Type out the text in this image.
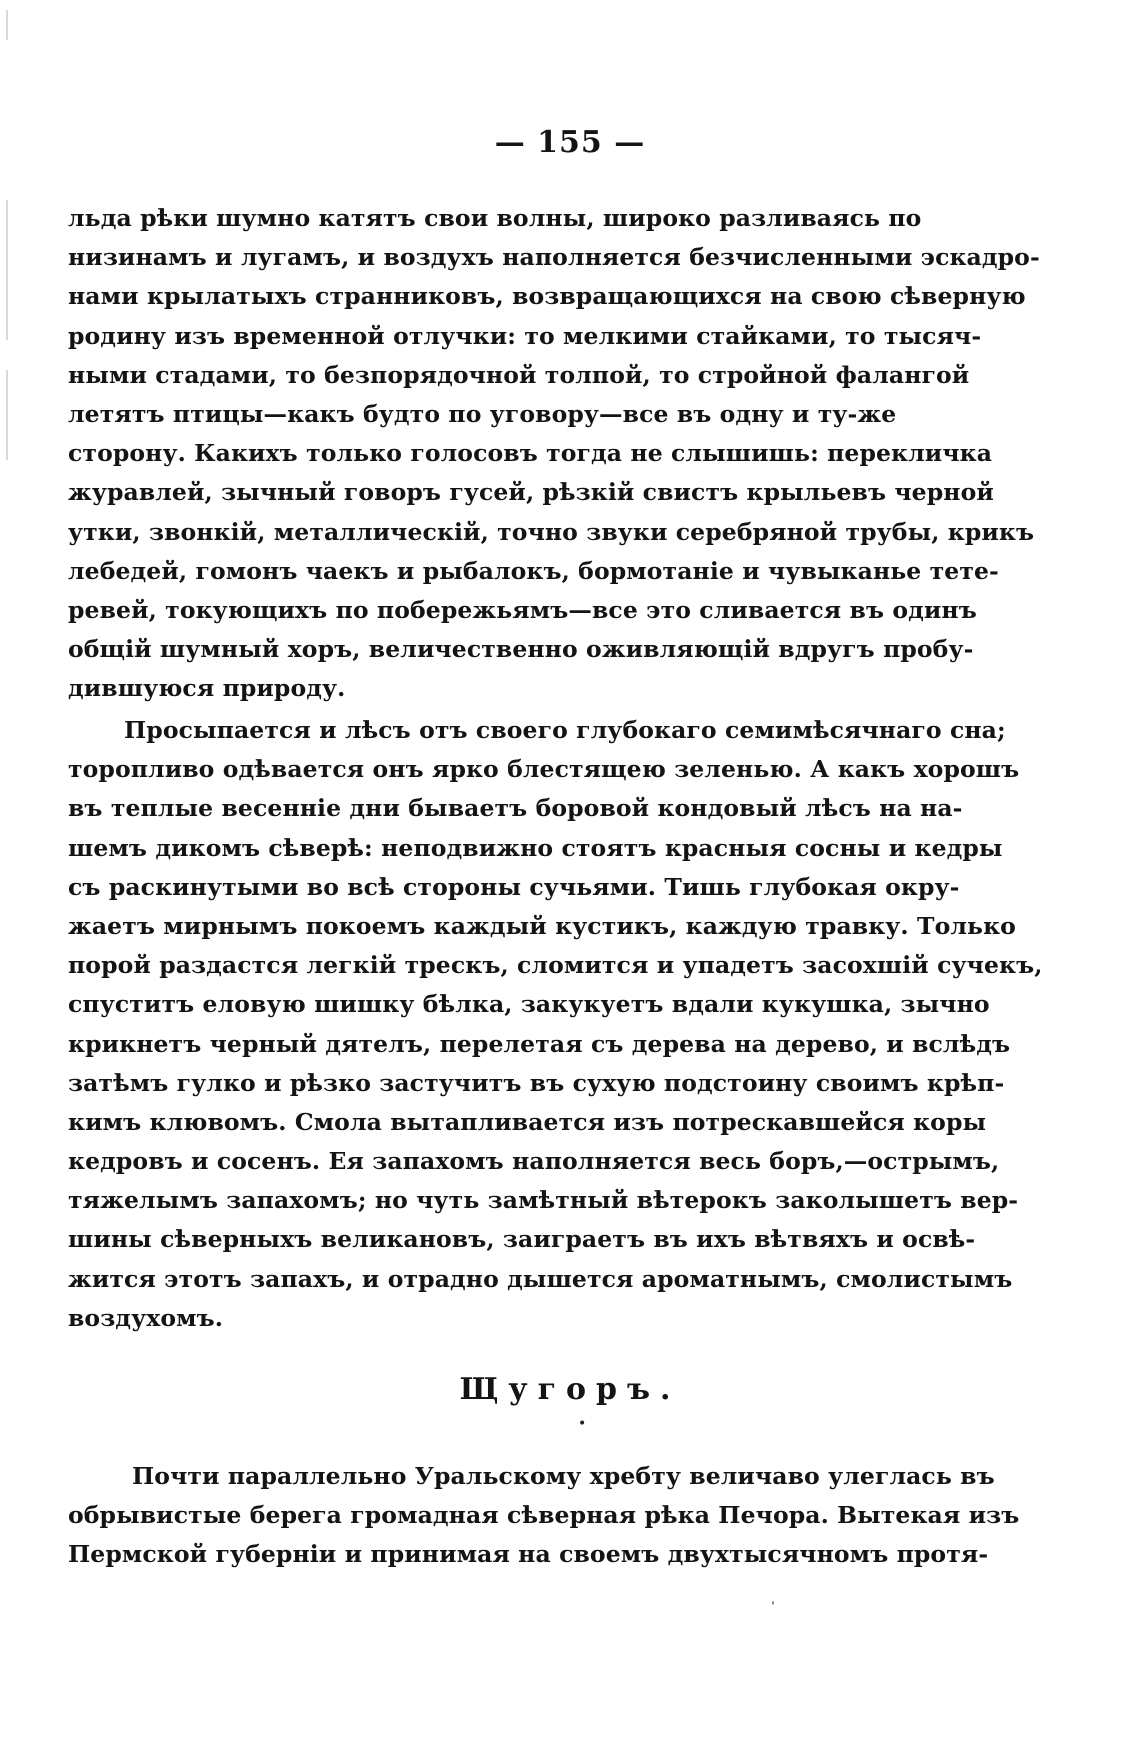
— 155 —
льда рѣки шумно катятъ свои волны, широко разливаясь по
низинамъ и лугамъ, и воздухъ наполняется безчисленными эскадро-
нами крылатыхъ странниковъ, возвращающихся на свою сѣверную
родину изъ временной отлучки: то мелкими стайками, то тысяч-
ными стадами, то безпорядочной толпой, то стройной фалангой
летятъ птицы—какъ будто по уговору—все въ одну и ту-же
сторону. Какихъ только голосовъ тогда не слышишь: перекличка
журавлей, зычный говоръ гусей, рѣзкій свистъ крыльевъ черной
утки, звонкій, металлическій, точно звуки серебряной трубы, крикъ
лебедей, гомонъ чаекъ и рыбалокъ, бормотаніе и чувыканье тете-
ревей, токующихъ по побережьямъ—все это сливается въ одинъ
общій шумный хоръ, величественно оживляющій вдругъ пробу-
дившуюся природу.
Просыпается и лѣсъ отъ своего глубокаго семимѣсячнаго сна;
торопливо одѣвается онъ ярко блестящею зеленью. А какъ хорошъ
въ теплые весенніе дни бываетъ боровой кондовый лѣсъ на на-
шемъ дикомъ сѣверѣ: неподвижно стоятъ красныя сосны и кедры
съ раскинутыми во всѣ стороны сучьями. Тишь глубокая окру-
жаетъ мирнымъ покоемъ каждый кустикъ, каждую травку. Только
порой раздастся легкій трескъ, сломится и упадетъ засохшій сучекъ,
спуститъ еловую шишку бѣлка, закукуетъ вдали кукушка, зычно
крикнетъ черный дятелъ, перелетая съ дерева на дерево, и вслѣдъ
затѣмъ гулко и рѣзко застучитъ въ сухую подстоину своимъ крѣп-
кимъ клювомъ. Смола вытапливается изъ потрескавшейся коры
кедровъ и сосенъ. Ея запахомъ наполняется весь боръ,—острымъ,
тяжелымъ запахомъ; но чуть замѣтный вѣтерокъ заколышетъ вер-
шины сѣверныхъ великановъ, заиграетъ въ ихъ вѣтвяхъ и освѣ-
жится этотъ запахъ, и отрадно дышется ароматнымъ, смолистымъ
воздухомъ.
Щугоръ.
Почти параллельно Уральскому хребту величаво улеглась въ
обрывистые берега громадная сѣверная рѣка Печора. Вытекая изъ
Пермской губерніи и принимая на своемъ двухтысячномъ протя-
•
ˈ
